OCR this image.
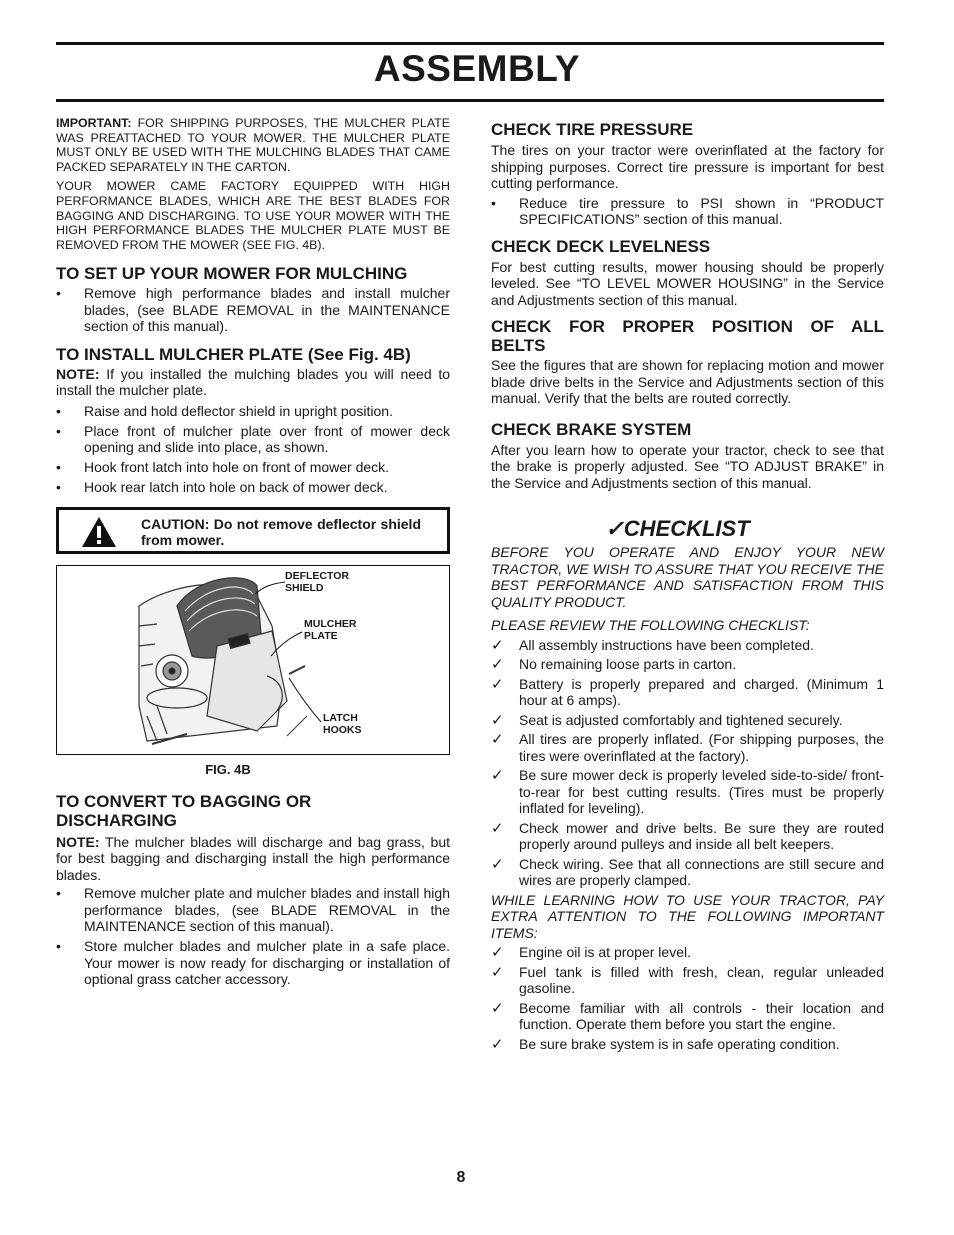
ASSEMBLY

IMPORTANT: FOR SHIPPING PURPOSES, THE MULCHER PLATE WAS PREATTACHED TO YOUR MOWER. THE MULCHER PLATE MUST ONLY BE USED WITH THE MULCHING BLADES THAT CAME PACKED SEPARATELY IN THE CARTON.

YOUR MOWER CAME FACTORY EQUIPPED WITH HIGH PERFORMANCE BLADES, WHICH ARE THE BEST BLADES FOR BAGGING AND DISCHARGING. TO USE YOUR MOWER WITH THE HIGH PERFORMANCE BLADES THE MULCHER PLATE MUST BE REMOVED FROM THE MOWER (SEE FIG. 4B).

TO SET UP YOUR MOWER FOR MULCHING
• Remove high performance blades and install mulcher blades, (see BLADE REMOVAL in the MAINTENANCE section of this manual).
TO INSTALL MULCHER PLATE (See Fig. 4B)

NOTE: If you installed the mulching blades you will need to install the mulcher plate.

• Raise and hold deflector shield in upright position.
• Place front of mulcher plate over front of mower deck opening and slide into place, as shown.
• Hook front latch into hole on front of mower deck.
• Hook rear latch into hole on back of mower deck.
CAUTION: Do not remove deflector shield from mower.
DEFLECTOR
SHIELD
MULCHER
PLATE
LATCH
HOOKS
FIG. 4B
TO CONVERT TO BAGGING OR
DISCHARGING

NOTE: The mulcher blades will discharge and bag grass, but for best bagging and discharging install the high performance blades.

• Remove mulcher plate and mulcher blades and install high performance blades, (see BLADE REMOVAL in the MAINTENANCE section of this manual).
• Store mulcher blades and mulcher plate in a safe place. Your mower is now ready for discharging or installation of optional grass catcher accessory.
CHECK TIRE PRESSURE

The tires on your tractor were overinflated at the factory for shipping purposes. Correct tire pressure is important for best cutting performance.

• Reduce tire pressure to PSI shown in “PRODUCT SPECIFICATIONS” section of this manual.
CHECK DECK LEVELNESS

For best cutting results, mower housing should be properly leveled. See “TO LEVEL MOWER HOUSING” in the Service and Adjustments section of this manual.

CHECK FOR PROPER POSITION OF ALL
BELTS

See the figures that are shown for replacing motion and mower blade drive belts in the Service and Adjustments section of this manual. Verify that the belts are routed correctly.

CHECK BRAKE SYSTEM

After you learn how to operate your tractor, check to see that the brake is properly adjusted. See “TO ADJUST BRAKE” in the Service and Adjustments section of this manual.

✓CHECKLIST

BEFORE YOU OPERATE AND ENJOY YOUR NEW TRACTOR, WE WISH TO ASSURE THAT YOU RECEIVE THE BEST PERFORMANCE AND SATISFACTION FROM THIS QUALITY PRODUCT.

PLEASE REVIEW THE FOLLOWING CHECKLIST:

✓ All assembly instructions have been completed.
✓ No remaining loose parts in carton.
✓ Battery is properly prepared and charged. (Minimum 1 hour at 6 amps).
✓ Seat is adjusted comfortably and tightened securely.
✓ All tires are properly inflated. (For shipping purposes, the tires were overinflated at the factory).
✓ Be sure mower deck is properly leveled side-to-side/ front-to-rear for best cutting results. (Tires must be properly inflated for leveling).
✓ Check mower and drive belts. Be sure they are routed properly around pulleys and inside all belt keepers.
✓ Check wiring. See that all connections are still secure and wires are properly clamped.

WHILE LEARNING HOW TO USE YOUR TRACTOR, PAY EXTRA ATTENTION TO THE FOLLOWING IMPORTANT ITEMS:

✓ Engine oil is at proper level.
✓ Fuel tank is filled with fresh, clean, regular unleaded gasoline.
✓ Become familiar with all controls - their location and function. Operate them before you start the engine.
✓ Be sure brake system is in safe operating condition.
8
